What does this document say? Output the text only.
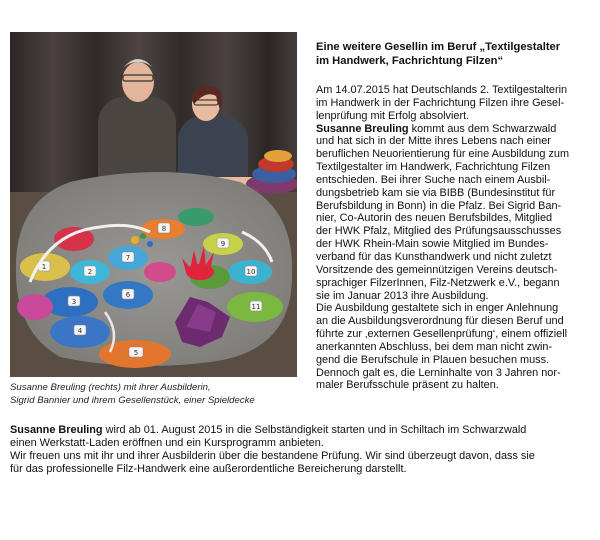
1
2
3
4
5
6
7
8
9
10
11
Susanne Breuling (rechts) mit ihrer Ausbilderin,
Sigrid Bannier und ihrem Gesellenstück, einer Spieldecke
Eine weitere Gesellin im Beruf „Textilgestalter
im Handwerk, Fachrichtung Filzen“
Am 14.07.2015 hat Deutschlands 2. Textilgestalterin
im Handwerk in der Fachrichtung Filzen ihre Gesel-
lenprüfung mit Erfolg absolviert.
Susanne Breuling kommt aus dem Schwarzwald
und hat sich in der Mitte ihres Lebens nach einer
beruflichen Neuorientierung für eine Ausbildung zum
Textilgestalter im Handwerk, Fachrichtung Filzen
entschieden. Bei ihrer Suche nach einem Ausbil-
dungsbetrieb kam sie via BIBB (Bundesinstitut für
Berufsbildung in Bonn) in die Pfalz. Bei Sigrid Ban-
nier, Co-Autorin des neuen Berufsbildes, Mitglied
der HWK Pfalz, Mitglied des Prüfungsausschusses
der HWK Rhein-Main sowie Mitglied im Bundes-
verband für das Kunsthandwerk und nicht zuletzt
Vorsitzende des gemeinnützigen Vereins deutsch-
sprachiger FilzerInnen, Filz-Netzwerk e.V., begann
sie im Januar 2013 ihre Ausbildung.
Die Ausbildung gestaltete sich in enger Anlehnung
an die Ausbildungsverordnung für diesen Beruf und
führte zur ‚externen Gesellenprüfung‘, einem offiziell
anerkannten Abschluss, bei dem man nicht zwin-
gend die Berufschule in Plauen besuchen muss.
Dennoch galt es, die Lerninhalte von 3 Jahren nor-
maler Berufsschule präsent zu halten.

Susanne Breuling wird ab 01. August 2015 in die Selbständigkeit starten und in Schiltach im Schwarzwald

einen Werkstatt-Laden eröffnen und ein Kursprogramm anbieten.

Wir freuen uns mit ihr und ihrer Ausbilderin über die bestandene Prüfung. Wir sind überzeugt davon, dass sie

für das professionelle Filz-Handwerk eine außerordentliche Bereicherung darstellt.
